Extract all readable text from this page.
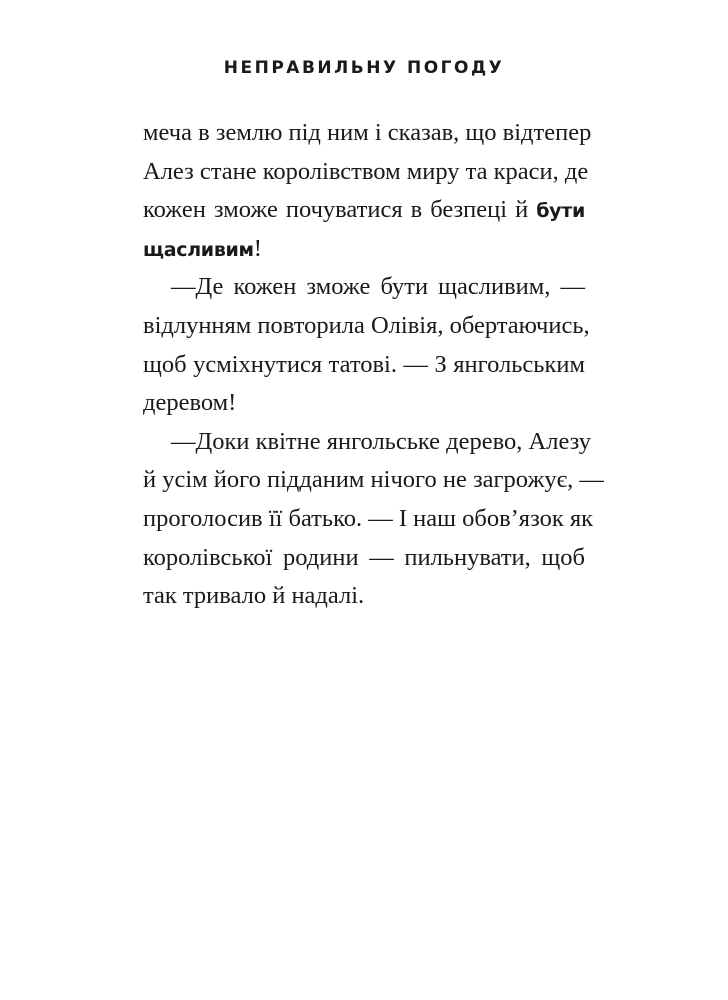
НЕПРАВИЛЬНУ ПОГОДУ
меча в землю під ним і сказав, що відтепер
Алез стане королівством миру та краси, де
кожен зможе почуватися в безпеці й бути
щасливим!
—Де кожен зможе бути щасливим, —
відлунням повторила Олівія, обертаючись,
щоб усміхнутися татові. — З янгольським
деревом!
—Доки квітне янгольське дерево, Алезу
й усім його підданим нічого не загрожує, —
проголосив її батько. — І наш обов’язок як
королівської родини — пильнувати, щоб
так тривало й надалі.
